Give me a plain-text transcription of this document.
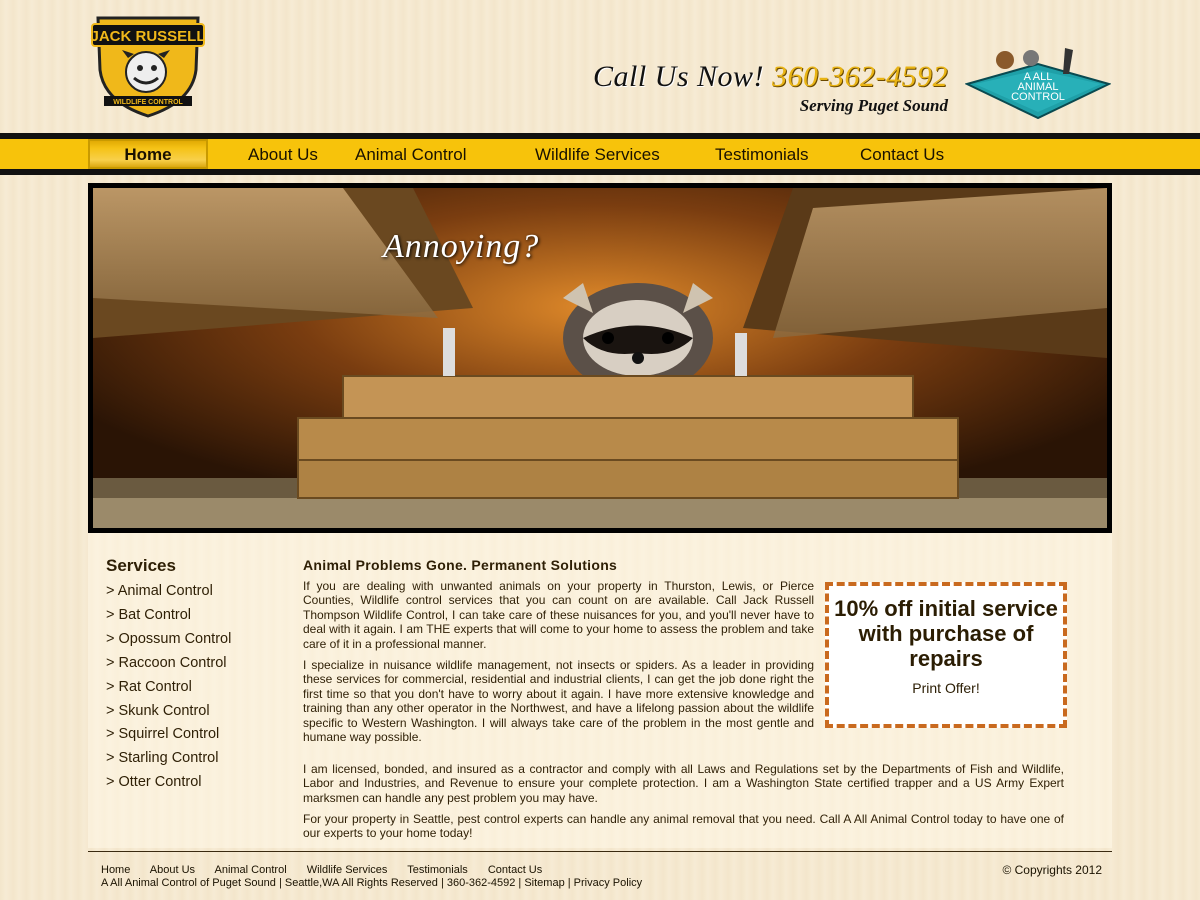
JACK RUSSELL
WILDLIFE CONTROL
Call Us Now! 360-362-4592
Serving Puget Sound
A ALL
ANIMAL
CONTROL
Home	About Us Animal Control	Wildlife Services	Testimonials	Contact Us
Annoying?
Services
> Animal Control
> Bat Control
> Opossum Control
> Raccoon Control
> Rat Control
> Skunk Control
> Squirrel Control
> Starling Control
> Otter Control
Animal Problems Gone. Permanent Solutions

If you are dealing with unwanted animals on your property in Thurston, Lewis, or Pierce Counties, Wildlife control services that you can count on are available. Call Jack Russell Thompson Wildlife Control, I can take care of these nuisances for you, and you'll never have to deal with it again. I am THE experts that will come to your home to assess the problem and take care of it in a professional manner.

I specialize in nuisance wildlife management, not insects or spiders. As a leader in providing these services for commercial, residential and industrial clients, I can get the job done right the first time so that you don't have to worry about it again. I have more extensive knowledge and training than any other operator in the Northwest, and have a lifelong passion about the wildlife specific to Western Washington. I will always take care of the problem in the most gentle and humane way possible.

I am licensed, bonded, and insured as a contractor and comply with all Laws and Regulations set by the Departments of Fish and Wildlife, Labor and Industries, and Revenue to ensure your complete protection. I am a Washington State certified trapper and a US Army Expert marksmen can handle any pest problem you may have.

For your property in Seattle, pest control experts can handle any animal removal that you need. Call A All Animal Control today to have one of our experts to your home today!

10% off initial service with purchase of repairs
Print Offer!
Home About Us Animal Control Wildlife Services Testimonials Contact Us
A All Animal Control of Puget Sound | Seattle,WA All Rights Reserved | 360-362-4592 | Sitemap | Privacy Policy
© Copyrights 2012
